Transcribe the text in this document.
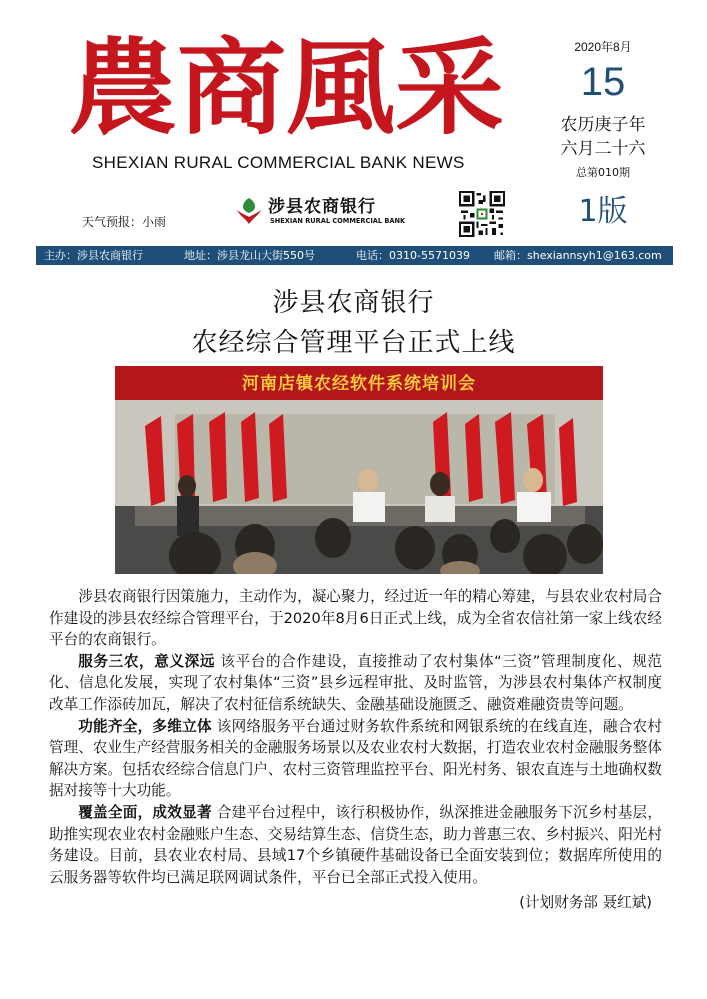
農商風采
SHEXIAN RURAL COMMERCIAL BANK NEWS
2020年8月
15
农历庚子年
六月二十六
总第010期
1版
天气预报：小雨
涉县农商银行
SHEXIAN RURAL COMMERCIAL BANK
主办：涉县农商银行	地址：涉县龙山大街550号	电话：0310-5571039 邮箱：shexiannsyh1@163.com
涉县农商银行
农经综合管理平台正式上线
河南店镇农经软件系统培训会

涉县农商银行因策施力，主动作为，凝心聚力，经过近一年的精心筹建，与县农业农村局合作建设的涉县农经综合管理平台，于2020年8月6日正式上线，成为全省农信社第一家上线农经平台的农商银行。

服务三农，意义深远 该平台的合作建设，直接推动了农村集体“三资”管理制度化、规范化、信息化发展，实现了农村集体“三资”县乡远程审批、及时监管，为涉县农村集体产权制度改革工作添砖加瓦，解决了农村征信系统缺失、金融基础设施匮乏、融资难融资贵等问题。

功能齐全，多维立体 该网络服务平台通过财务软件系统和网银系统的在线直连，融合农村管理、农业生产经营服务相关的金融服务场景以及农业农村大数据，打造农业农村金融服务整体解决方案。包括农经综合信息门户、农村三资管理监控平台、阳光村务、银农直连与土地确权数据对接等十大功能。

覆盖全面，成效显著 合建平台过程中，该行积极协作，纵深推进金融服务下沉乡村基层，助推实现农业农村金融账户生态、交易结算生态、信贷生态，助力普惠三农、乡村振兴、阳光村务建设。目前，县农业农村局、县域17个乡镇硬件基础设备已全面安装到位；数据库所使用的云服务器等软件均已满足联网调试条件，平台已全部正式投入使用。

(计划财务部 聂红斌)
